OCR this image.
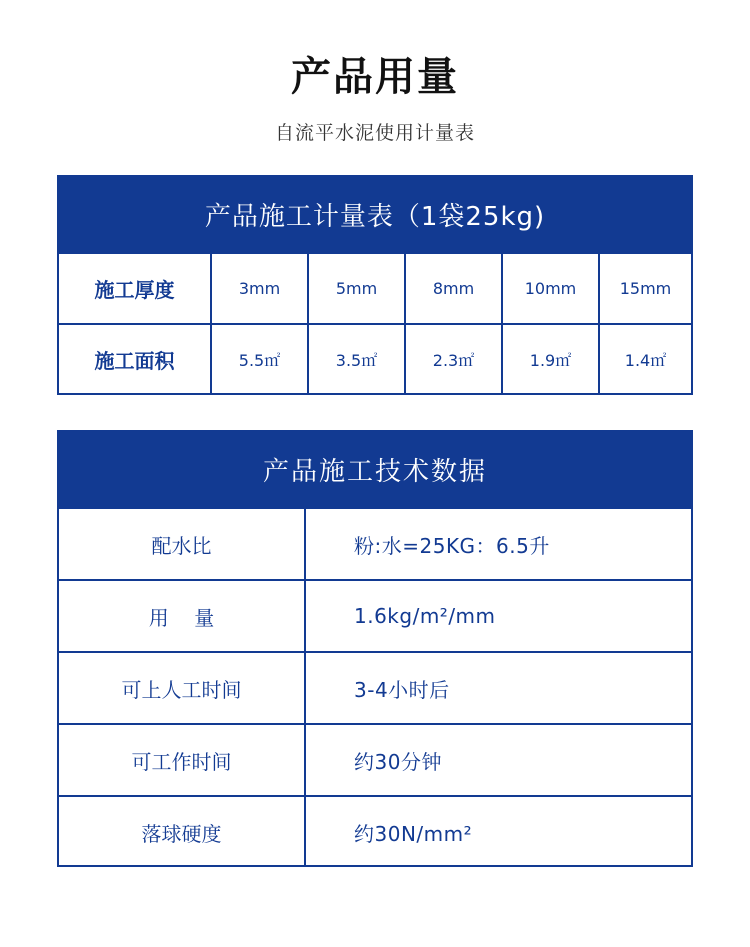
产品用量
自流平水泥使用计量表
产品施工计量表（1袋25kg)
施工厚度	3mm	5mm	8mm	10mm	15mm
施工面积	5.5㎡	3.5㎡	2.3㎡	1.9㎡	1.4㎡
产品施工技术数据
配水比	粉:水=25KG：6.5升
用    量	1.6kg/m²/mm
可上人工时间	3-4小时后
可工作时间	约30分钟
落球硬度	约30N/mm²
